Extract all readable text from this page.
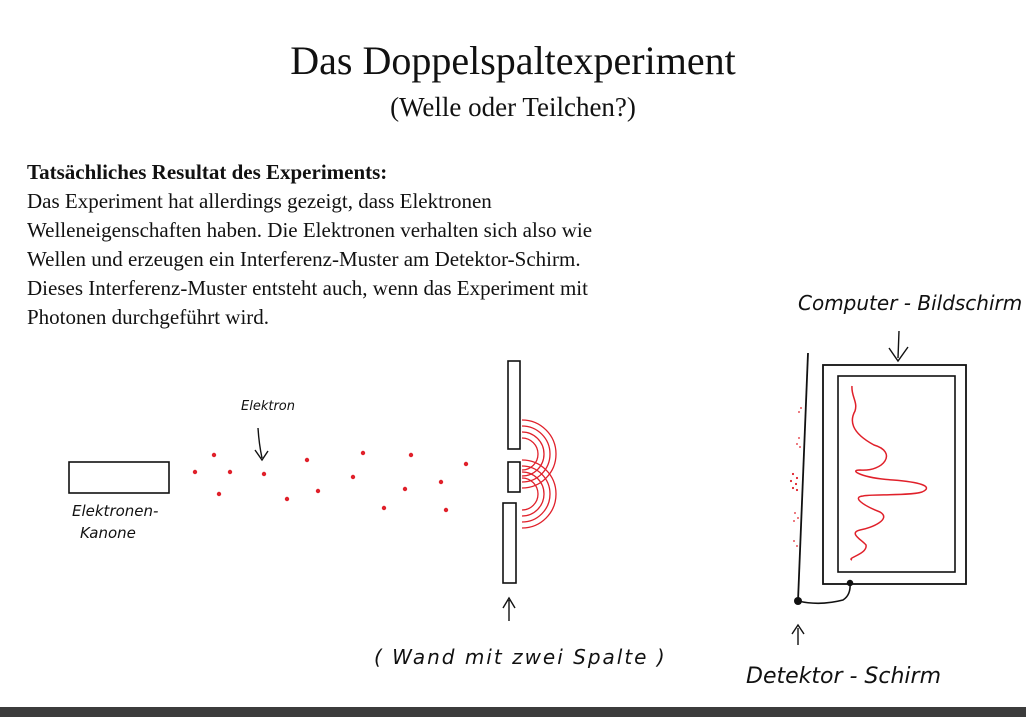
Das Doppelspaltexperiment
(Welle oder Teilchen?)
Tatsächliches Resultat des Experiments:
Das Experiment hat allerdings gezeigt, dass Elektronen
Welleneigenschaften haben. Die Elektronen verhalten sich also wie
Wellen und erzeugen ein Interferenz-Muster am Detektor-Schirm.
Dieses Interferenz-Muster entsteht auch, wenn das Experiment mit
Photonen durchgeführt wird.
Elektronen-
Kanone
Elektron
( Wand mit zwei Spalte )
Computer - Bildschirm
Detektor - Schirm
